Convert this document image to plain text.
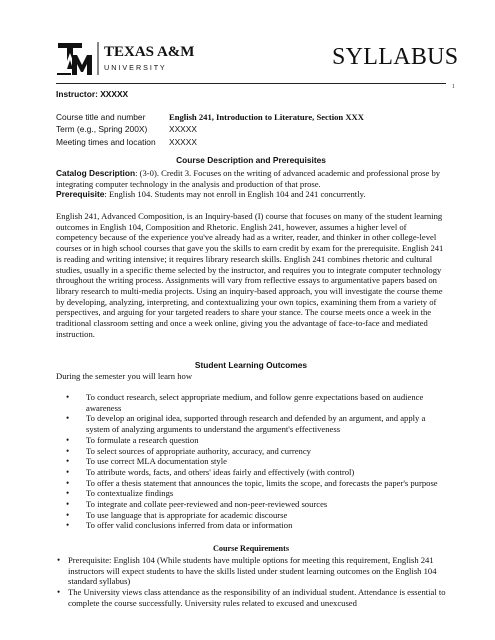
TEXAS A&M
U N I V E R S I T Y	SYLLABUS
1
Instructor: XXXXX
Course title and number	English 241, Introduction to Literature, Section XXX
Term (e.g., Spring 200X)	XXXXX
Meeting times and location	XXXXX
Course Description and Prerequisites
Catalog Description: (3-0). Credit 3. Focuses on the writing of advanced academic and professional prose by integrating computer technology in the analysis and production of that prose.
Prerequisite: English 104. Students may not enroll in English 104 and 241 concurrently.
English 241, Advanced Composition, is an Inquiry-based (I) course that focuses on many of the student learning outcomes in English 104, Composition and Rhetoric. English 241, however, assumes a higher level of competency because of the experience you've already had as a writer, reader, and thinker in other college-level courses or in high school courses that gave you the skills to earn credit by exam for the prerequisite. English 241 is reading and writing intensive; it requires library research skills. English 241 combines rhetoric and cultural studies, usually in a specific theme selected by the instructor, and requires you to integrate computer technology throughout the writing process. Assignments will vary from reflective essays to argumentative papers based on library research to multi-media projects. Using an inquiry-based approach, you will investigate the course theme by developing, analyzing, interpreting, and contextualizing your own topics, examining them from a variety of perspectives, and arguing for your targeted readers to share your stance. The course meets once a week in the traditional classroom setting and once a week online, giving you the advantage of face-to-face and mediated instruction.
Student Learning Outcomes
During the semester you will learn how
• To conduct research, select appropriate medium, and follow genre expectations based on audience awareness
• To develop an original idea, supported through research and defended by an argument, and apply a system of analyzing arguments to understand the argument's effectiveness
• To formulate a research question
• To select sources of appropriate authority, accuracy, and currency
• To use correct MLA documentation style
• To attribute words, facts, and others' ideas fairly and effectively (with control)
• To offer a thesis statement that announces the topic, limits the scope, and forecasts the paper's purpose
• To contextualize findings
• To integrate and collate peer-reviewed and non-peer-reviewed sources
• To use language that is appropriate for academic discourse
• To offer valid conclusions inferred from data or information
Course Requirements
• Prerequisite: English 104 (While students have multiple options for meeting this requirement, English 241 instructors will expect students to have the skills listed under student learning outcomes on the English 104 standard syllabus)
• The University views class attendance as the responsibility of an individual student. Attendance is essential to complete the course successfully. University rules related to excused and unexcused
